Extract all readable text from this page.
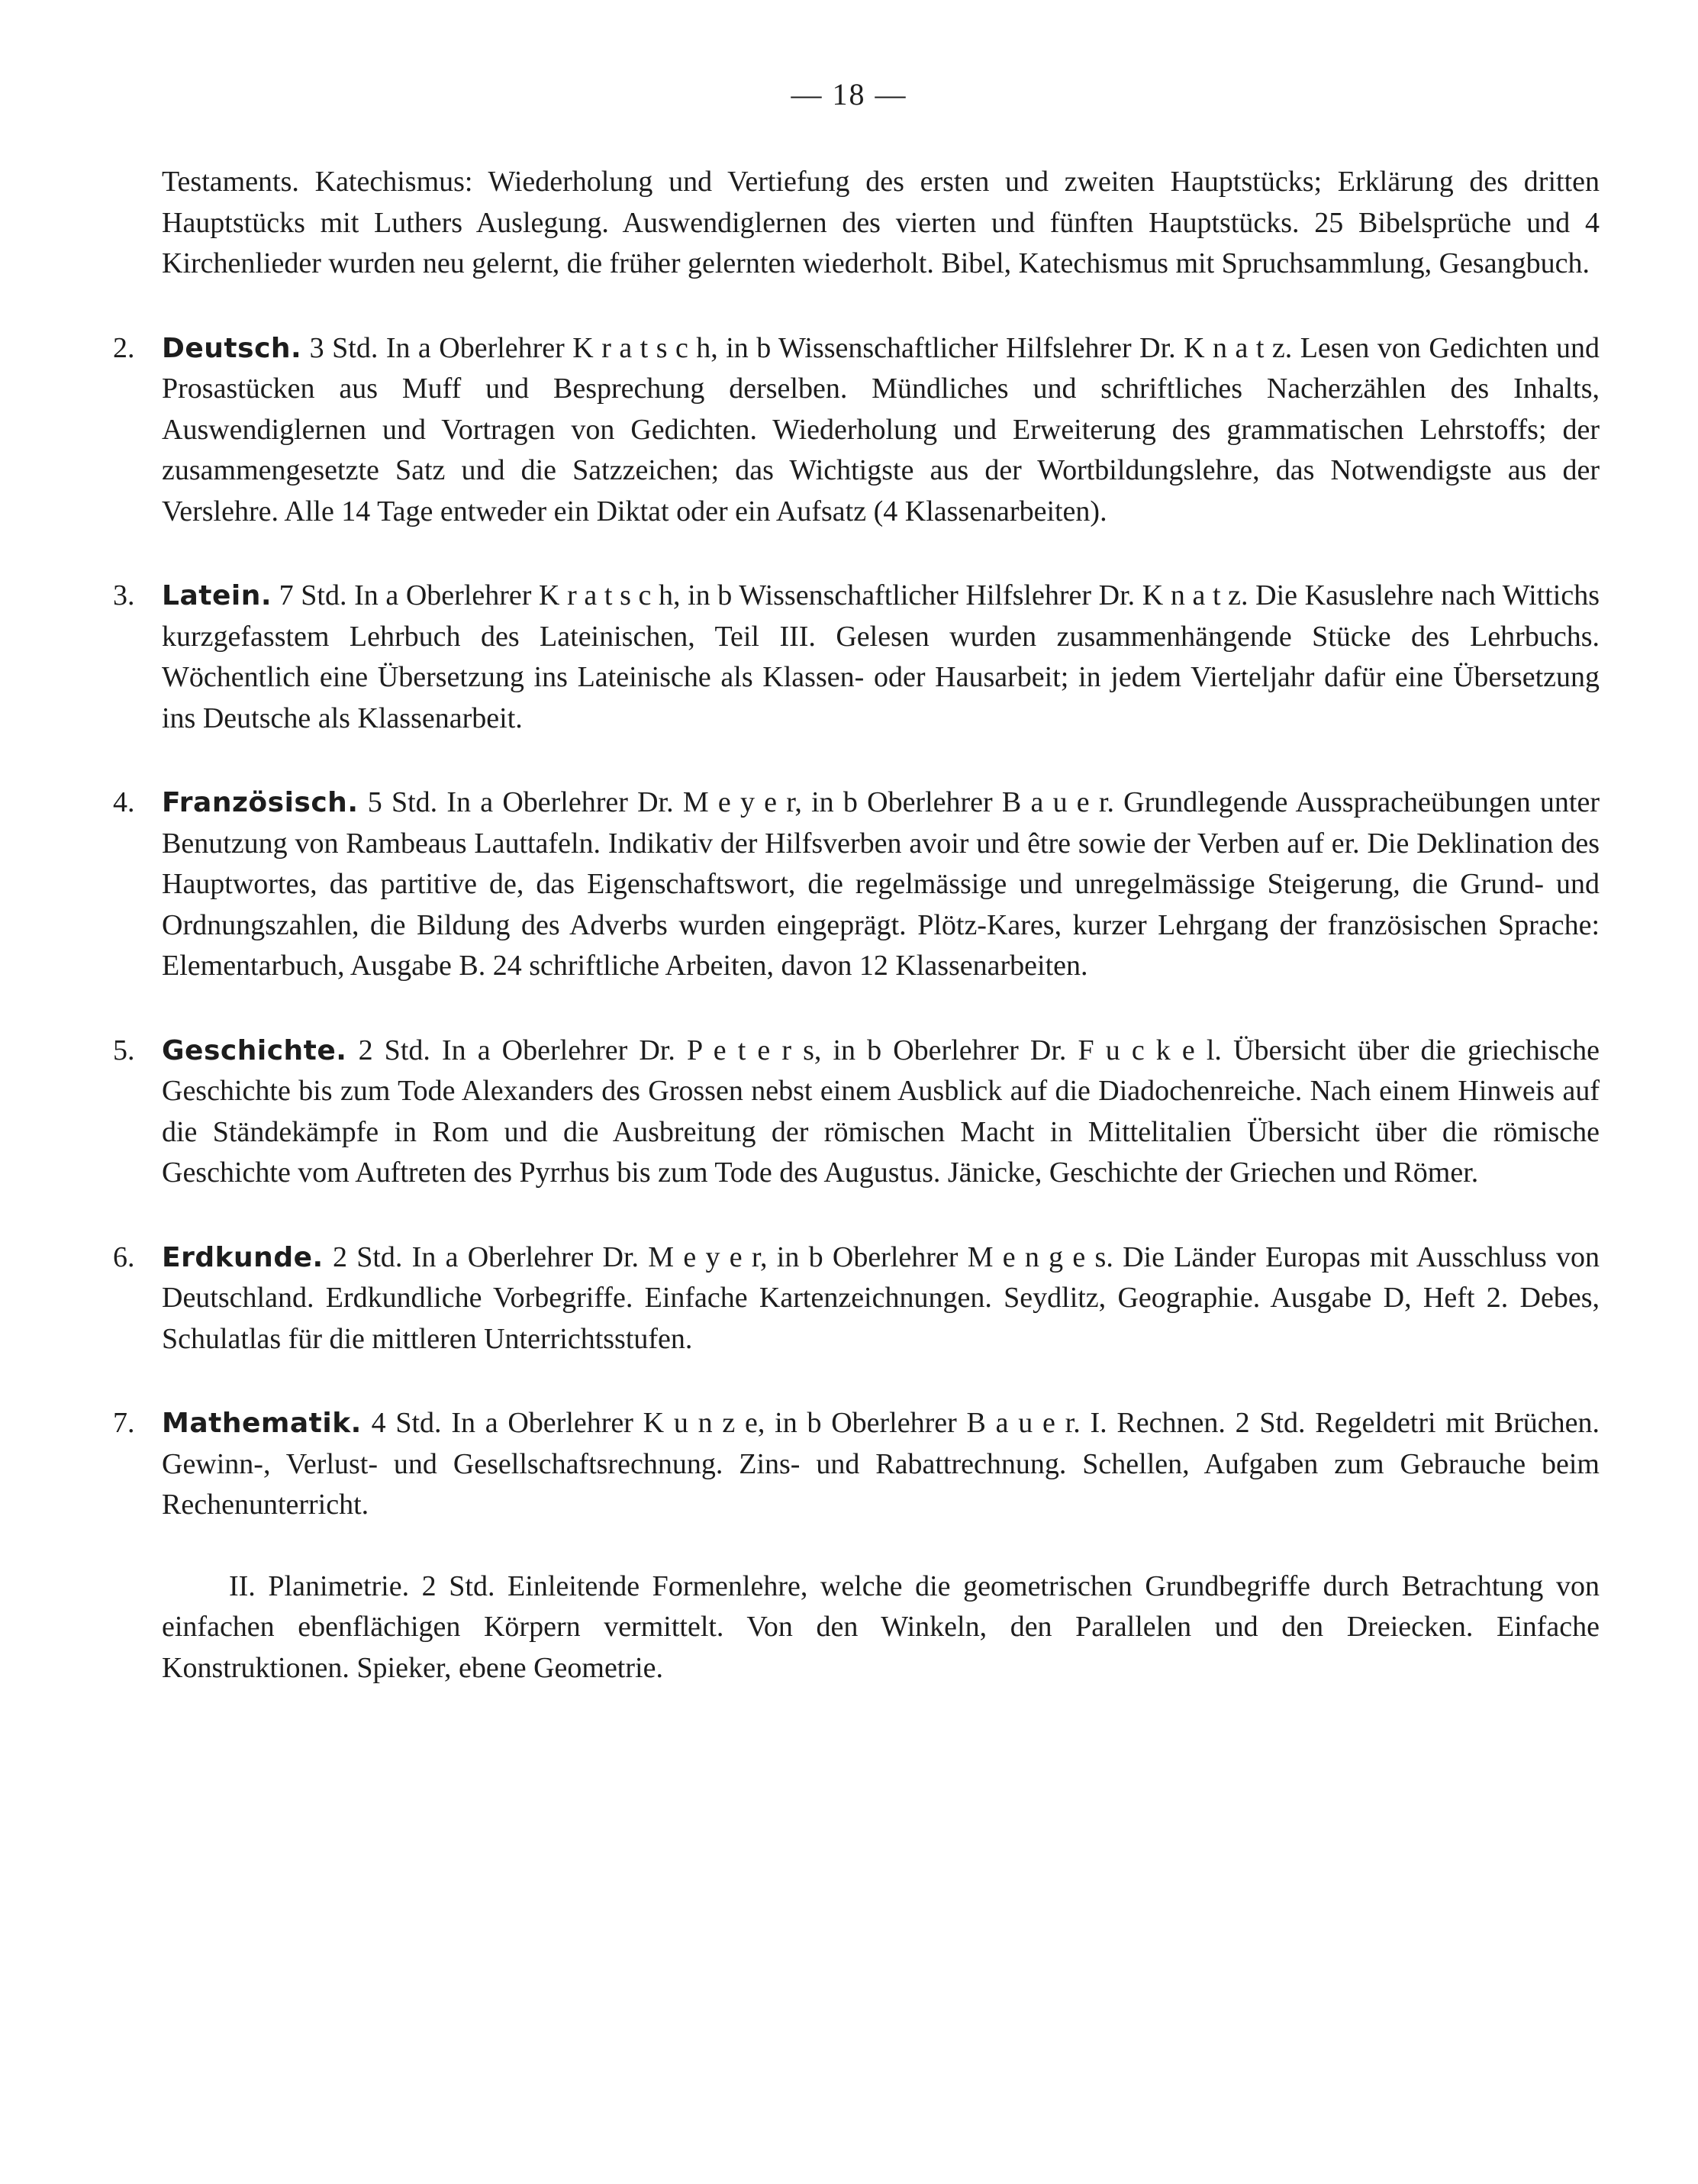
— 18 —

Testaments. Katechismus: Wiederholung und Vertiefung des ersten und zweiten Hauptstücks; Erklärung des dritten Hauptstücks mit Luthers Auslegung. Auswendiglernen des vierten und fünften Hauptstücks. 25 Bibelsprüche und 4 Kirchenlieder wurden neu gelernt, die früher gelernten wiederholt. Bibel, Katechismus mit Spruchsammlung, Gesangbuch.

2. Deutsch. 3 Std. In a Oberlehrer K r a t s c h, in b Wissenschaftlicher Hilfslehrer Dr. K n a t z. Lesen von Gedichten und Prosastücken aus Muff und Besprechung derselben. Mündliches und schriftliches Nacherzählen des Inhalts, Auswendiglernen und Vortragen von Gedichten. Wiederholung und Erweiterung des grammatischen Lehrstoffs; der zusammengesetzte Satz und die Satzzeichen; das Wichtigste aus der Wortbildungslehre, das Notwendigste aus der Verslehre. Alle 14 Tage entweder ein Diktat oder ein Aufsatz (4 Klassenarbeiten).

3. Latein. 7 Std. In a Oberlehrer K r a t s c h, in b Wissenschaftlicher Hilfslehrer Dr. K n a t z. Die Kasuslehre nach Wittichs kurzgefasstem Lehrbuch des Lateinischen, Teil III. Gelesen wurden zusammenhängende Stücke des Lehrbuchs. Wöchentlich eine Übersetzung ins Lateinische als Klassen- oder Hausarbeit; in jedem Vierteljahr dafür eine Übersetzung ins Deutsche als Klassenarbeit.

4. Französisch. 5 Std. In a Oberlehrer Dr. M e y e r, in b Oberlehrer B a u e r. Grundlegende Ausspracheübungen unter Benutzung von Rambeaus Lauttafeln. Indikativ der Hilfsverben avoir und être sowie der Verben auf er. Die Deklination des Hauptwortes, das partitive de, das Eigenschaftswort, die regelmässige und unregelmässige Steigerung, die Grund- und Ordnungszahlen, die Bildung des Adverbs wurden eingeprägt. Plötz-Kares, kurzer Lehrgang der französischen Sprache: Elementarbuch, Ausgabe B. 24 schriftliche Arbeiten, davon 12 Klassenarbeiten.

5. Geschichte. 2 Std. In a Oberlehrer Dr. P e t e r s, in b Oberlehrer Dr. F u c k e l. Übersicht über die griechische Geschichte bis zum Tode Alexanders des Grossen nebst einem Ausblick auf die Diadochenreiche. Nach einem Hinweis auf die Ständekämpfe in Rom und die Ausbreitung der römischen Macht in Mittelitalien Übersicht über die römische Geschichte vom Auftreten des Pyrrhus bis zum Tode des Augustus. Jänicke, Geschichte der Griechen und Römer.

6. Erdkunde. 2 Std. In a Oberlehrer Dr. M e y e r, in b Oberlehrer M e n g e s. Die Länder Europas mit Ausschluss von Deutschland. Erdkundliche Vorbegriffe. Einfache Kartenzeichnungen. Seydlitz, Geographie. Ausgabe D, Heft 2. Debes, Schulatlas für die mittleren Unterrichtsstufen.

7. Mathematik. 4 Std. In a Oberlehrer K u n z e, in b Oberlehrer B a u e r. I. Rechnen. 2 Std. Regeldetri mit Brüchen. Gewinn-, Verlust- und Gesellschaftsrechnung. Zins- und Rabattrechnung. Schellen, Aufgaben zum Gebrauche beim Rechenunterricht.

II. Planimetrie. 2 Std. Einleitende Formenlehre, welche die geometrischen Grundbegriffe durch Betrachtung von einfachen ebenflächigen Körpern vermittelt. Von den Winkeln, den Parallelen und den Dreiecken. Einfache Konstruktionen. Spieker, ebene Geometrie.
